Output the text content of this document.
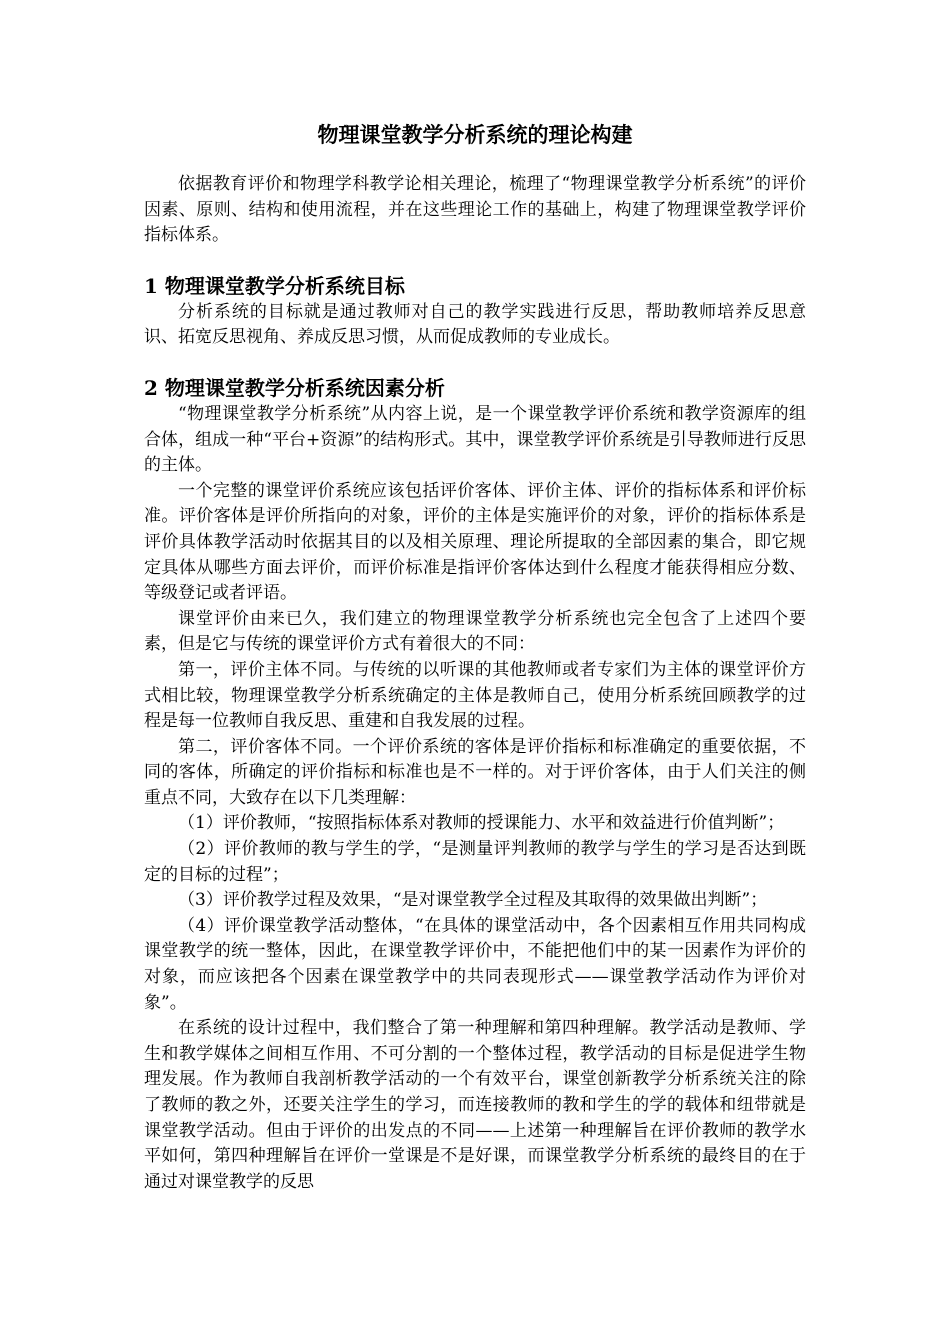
物理课堂教学分析系统的理论构建

依据教育评价和物理学科教学论相关理论，梳理了“物理课堂教学分析系统”的评价因素、原则、结构和使用流程，并在这些理论工作的基础上，构建了物理课堂教学评价指标体系。

1 物理课堂教学分析系统目标

分析系统的目标就是通过教师对自己的教学实践进行反思，帮助教师培养反思意识、拓宽反思视角、养成反思习惯，从而促成教师的专业成长。

2 物理课堂教学分析系统因素分析

“物理课堂教学分析系统”从内容上说，是一个课堂教学评价系统和教学资源库的组合体，组成一种“平台+资源”的结构形式。其中，课堂教学评价系统是引导教师进行反思的主体。

一个完整的课堂评价系统应该包括评价客体、评价主体、评价的指标体系和评价标准。评价客体是评价所指向的对象，评价的主体是实施评价的对象，评价的指标体系是评价具体教学活动时依据其目的以及相关原理、理论所提取的全部因素的集合，即它规定具体从哪些方面去评价，而评价标准是指评价客体达到什么程度才能获得相应分数、等级登记或者评语。

课堂评价由来已久，我们建立的物理课堂教学分析系统也完全包含了上述四个要素，但是它与传统的课堂评价方式有着很大的不同：

第一，评价主体不同。与传统的以听课的其他教师或者专家们为主体的课堂评价方式相比较，物理课堂教学分析系统确定的主体是教师自己，使用分析系统回顾教学的过程是每一位教师自我反思、重建和自我发展的过程。

第二，评价客体不同。一个评价系统的客体是评价指标和标准确定的重要依据，不同的客体，所确定的评价指标和标准也是不一样的。对于评价客体，由于人们关注的侧重点不同，大致存在以下几类理解：

（1）评价教师，“按照指标体系对教师的授课能力、水平和效益进行价值判断”；

（2）评价教师的教与学生的学，“是测量评判教师的教学与学生的学习是否达到既定的目标的过程”；

（3）评价教学过程及效果，“是对课堂教学全过程及其取得的效果做出判断”；

（4）评价课堂教学活动整体，“在具体的课堂活动中，各个因素相互作用共同构成课堂教学的统一整体，因此，在课堂教学评价中，不能把他们中的某一因素作为评价的对象，而应该把各个因素在课堂教学中的共同表现形式——课堂教学活动作为评价对象”。

在系统的设计过程中，我们整合了第一种理解和第四种理解。教学活动是教师、学生和教学媒体之间相互作用、不可分割的一个整体过程，教学活动的目标是促进学生物理发展。作为教师自我剖析教学活动的一个有效平台，课堂创新教学分析系统关注的除了教师的教之外，还要关注学生的学习，而连接教师的教和学生的学的载体和纽带就是课堂教学活动。但由于评价的出发点的不同——上述第一种理解旨在评价教师的教学水平如何，第四种理解旨在评价一堂课是不是好课，而课堂教学分析系统的最终目的在于通过对课堂教学的反思
